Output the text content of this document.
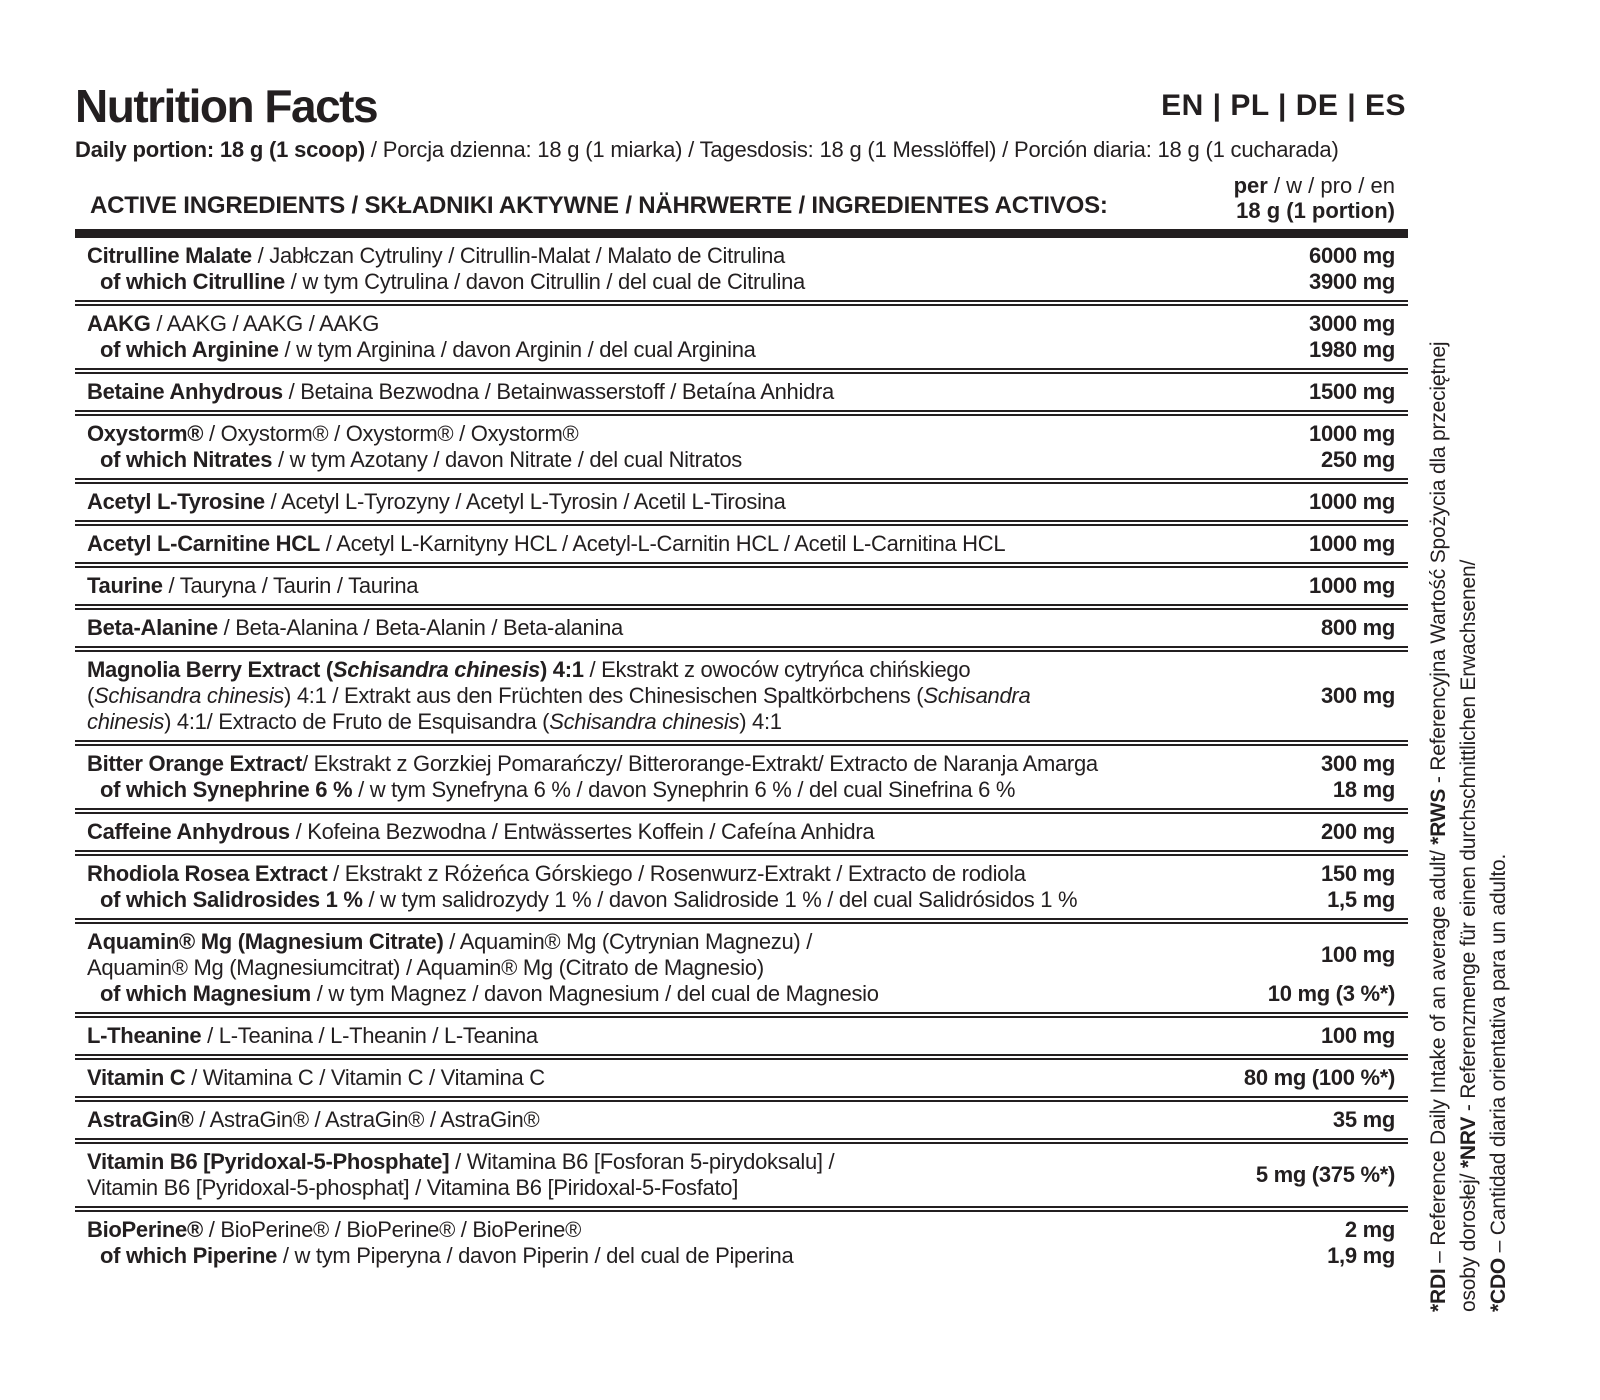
Nutrition Facts	EN | PL | DE | ES
Daily portion: 18 g (1 scoop) / Porcja dzienna: 18 g (1 miarka) / Tagesdosis: 18 g (1 Messlöffel) / Porción diaria: 18 g (1 cucharada)
ACTIVE INGREDIENTS / SKŁADNIKI AKTYWNE / NÄHRWERTE / INGREDIENTES ACTIVOS:
per / w / pro / en
18 g (1 portion)
Citrulline Malate / Jabłczan Cytruliny / Citrullin-Malat / Malato de Citrulina	6000 mg
of which Citrulline / w tym Cytrulina / davon Citrullin / del cual de Citrulina	3900 mg
AAKG / AAKG / AAKG / AAKG	3000 mg
of which Arginine / w tym Arginina / davon Arginin / del cual Arginina	1980 mg
Betaine Anhydrous / Betaina Bezwodna / Betainwasserstoff / Betaína Anhidra	1500 mg
Oxystorm® / Oxystorm® / Oxystorm® / Oxystorm®	1000 mg
of which Nitrates / w tym Azotany / davon Nitrate / del cual Nitratos	250 mg
Acetyl L-Tyrosine / Acetyl L-Tyrozyny / Acetyl L-Tyrosin / Acetil L-Tirosina	1000 mg
Acetyl L-Carnitine HCL / Acetyl L-Karnityny HCL / Acetyl-L-Carnitin HCL / Acetil L-Carnitina HCL	1000 mg
Taurine / Tauryna / Taurin / Taurina	1000 mg
Beta-Alanine / Beta-Alanina / Beta-Alanin / Beta-alanina	800 mg
Magnolia Berry Extract (Schisandra chinesis) 4:1 / Ekstrakt z owoców cytryńca chińskiego
(Schisandra chinesis) 4:1 / Extrakt aus den Früchten des Chinesischen Spaltkörbchens (Schisandra
chinesis) 4:1/ Extracto de Fruto de Esquisandra (Schisandra chinesis) 4:1
300 mg
Bitter Orange Extract/ Ekstrakt z Gorzkiej Pomarańczy/ Bitterorange-Extrakt/ Extracto de Naranja Amarga	300 mg
of which Synephrine 6 % / w tym Synefryna 6 % / davon Synephrin 6 % / del cual Sinefrina 6 %	18 mg
Caffeine Anhydrous / Kofeina Bezwodna / Entwässertes Koffein / Cafeína Anhidra	200 mg
Rhodiola Rosea Extract / Ekstrakt z Różeńca Górskiego / Rosenwurz-Extrakt / Extracto de rodiola	150 mg
of which Salidrosides 1 % / w tym salidrozydy 1 % / davon Salidroside 1 % / del cual Salidrósidos 1 %	1,5 mg
Aquamin® Mg (Magnesium Citrate) / Aquamin® Mg (Cytrynian Magnezu) /
Aquamin® Mg (Magnesiumcitrat) / Aquamin® Mg (Citrato de Magnesio)
100 mg
of which Magnesium / w tym Magnez / davon Magnesium / del cual de Magnesio	10 mg (3 %*)
L-Theanine / L-Teanina / L-Theanin / L-Teanina	100 mg
Vitamin C / Witamina C / Vitamin C / Vitamina C	80 mg (100 %*)
AstraGin® / AstraGin® / AstraGin® / AstraGin®	35 mg
Vitamin B6 [Pyridoxal-5-Phosphate] / Witamina B6 [Fosforan 5-pirydoksalu] /
Vitamin B6 [Pyridoxal-5-phosphat] / Vitamina B6 [Piridoxal-5-Fosfato]
5 mg (375 %*)
BioPerine® / BioPerine® / BioPerine® / BioPerine®	2 mg
of which Piperine / w tym Piperyna / davon Piperin / del cual de Piperina	1,9 mg
*RDI – Reference Daily Intake of an average adult/ *RWS - Referencyjna Wartość Spożycia dla przeciętnej
osoby dorosłej/ *NRV - Referenzmenge für einen durchschnittlichen Erwachsenen/
*CDO – Cantidad diaria orientativa para un adulto.
